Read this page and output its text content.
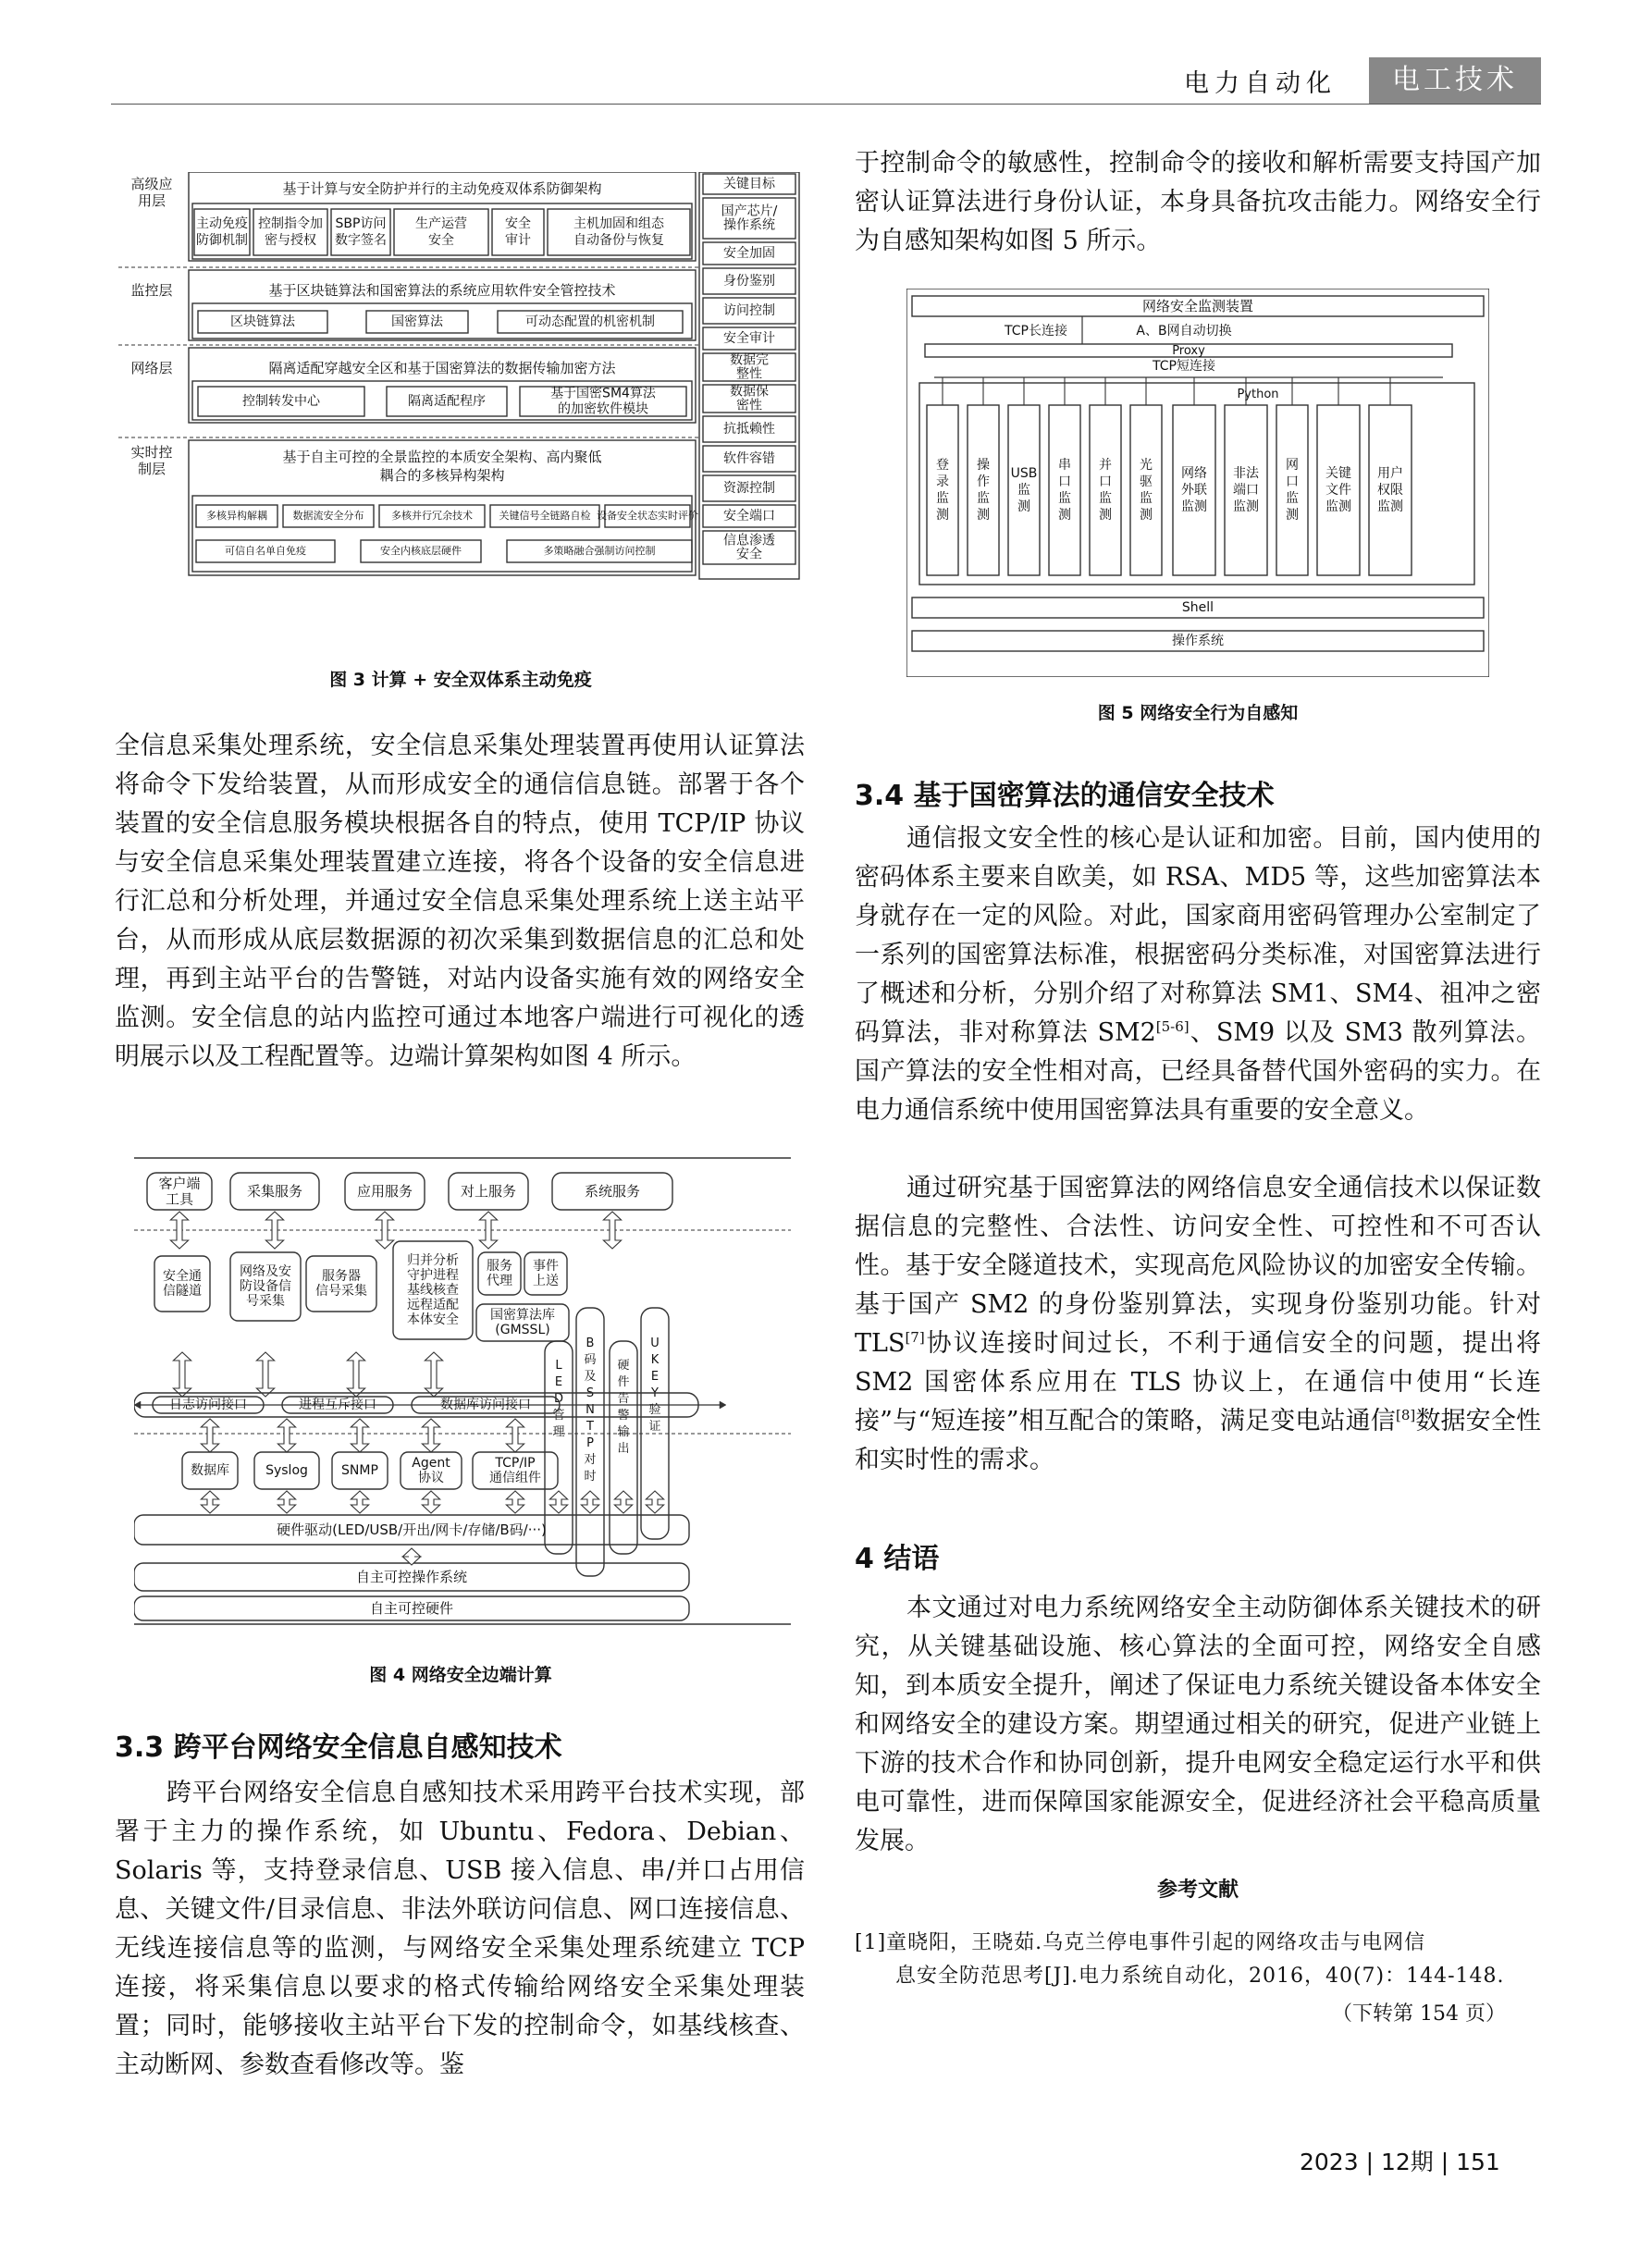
电力自动化	电工技术
高级应用层
监控层
网络层
实时控制层
基于计算与安全防护并行的主动免疫双体系防御架构
主动免疫防御机制
控制指令加密与授权
SBP访问数字签名
生产运营安全
安全审计
主机加固和组态自动备份与恢复
基于区块链算法和国密算法的系统应用软件安全管控技术
区块链算法	国密算法	可动态配置的机密机制
隔离适配穿越安全区和基于国密算法的数据传输加密方法
控制转发中心	隔离适配程序
基于国密SM4算法的加密软件模块
基于自主可控的全景监控的本质安全架构、高内聚低耦合的多核异构架构
多核异构解耦	数据流安全分布	多核并行冗余技术	关键信号全链路自检 设备安全状态实时评价
可信自名单自免疫	安全内核底层硬件	多策略融合强制访问控制
关键目标
国产芯片/操作系统
安全加固
身份鉴别
访问控制
安全审计
数据完整性
数据保密性
抗抵赖性
软件容错
资源控制
安全端口
信息渗透安全
图 3 计算 + 安全双体系主动免疫

全信息采集处理系统，安全信息采集处理装置再使用认证算法将命令下发给装置，从而形成安全的通信信息链。部署于各个装置的安全信息服务模块根据各自的特点，使用 TCP/IP 协议与安全信息采集处理装置建立连接，将各个设备的安全信息进行汇总和分析处理，并通过安全信息采集处理系统上送主站平台，从而形成从底层数据源的初次采集到数据信息的汇总和处理，再到主站平台的告警链，对站内设备实施有效的网络安全监测。安全信息的站内监控可通过本地客户端进行可视化的透明展示以及工程配置等。边端计算架构如图 4 所示。

客户端工具	采集服务	应用服务	对上服务	系统服务
安全通信隧道
网络及安防设备信号采集
服务器信号采集
归并分析守护进程基线核查远程适配本体安全
服务代理
事件上送
国密算法库(GMSSL)
L E D 管理
B 码及 S N T P 对时
硬件告警输出
U K E Y 验证
日志访问接口	进程互斥接口	数据库访问接口
数据库	Syslog	SNMP	Agent 协议
TCP/IP 通信组件
硬件驱动(LED/USB/开出/网卡/存储/B码/···)
自主可控操作系统
自主可控硬件
图 4 网络安全边端计算
3.3 跨平台网络安全信息自感知技术

跨平台网络安全信息自感知技术采用跨平台技术实现，部署于主力的操作系统，如 Ubuntu、Fedora、Debian、Solaris 等，支持登录信息、USB 接入信息、串/并口占用信息、关键文件/目录信息、非法外联访问信息、网口连接信息、无线连接信息等的监测，与网络安全采集处理系统建立 TCP 连接，将采集信息以要求的格式传输给网络安全采集处理装置；同时，能够接收主站平台下发的控制命令，如基线核查、主动断网、参数查看修改等。鉴

于控制命令的敏感性，控制命令的接收和解析需要支持国产加密认证算法进行身份认证，本身具备抗攻击能力。网络安全行为自感知架构如图 5 所示。

网络安全监测装置
TCP长连接	A、B网自动切换
Proxy
TCP短连接
Python
登录监测
操作监测
USB 监测
串口监测
并口监测
光驱监测
网络外联监测
非法端口监测
网口监测
关键文件监测
用户权限监测
Shell
操作系统
图 5 网络安全行为自感知
3.4 基于国密算法的通信安全技术

通信报文安全性的核心是认证和加密。目前，国内使用的密码体系主要来自欧美，如 RSA、MD5 等，这些加密算法本身就存在一定的风险。对此，国家商用密码管理办公室制定了一系列的国密算法标准，根据密码分类标准，对国密算法进行了概述和分析，分别介绍了对称算法 SM1、SM4、祖冲之密码算法，非对称算法 SM2[5-6]、SM9 以及 SM3 散列算法。国产算法的安全性相对高，已经具备替代国外密码的实力。在电力通信系统中使用国密算法具有重要的安全意义。

通过研究基于国密算法的网络信息安全通信技术以保证数据信息的完整性、合法性、访问安全性、可控性和不可否认性。基于安全隧道技术，实现高危风险协议的加密安全传输。基于国产 SM2 的身份鉴别算法，实现身份鉴别功能。针对 TLS[7]协议连接时间过长，不利于通信安全的问题，提出将 SM2 国密体系应用在 TLS 协议上，在通信中使用“长连接”与“短连接”相互配合的策略，满足变电站通信[8]数据安全性和实时性的需求。

4 结语

本文通过对电力系统网络安全主动防御体系关键技术的研究，从关键基础设施、核心算法的全面可控，网络安全自感知，到本质安全提升，阐述了保证电力系统关键设备本体安全和网络安全的建设方案。期望通过相关的研究，促进产业链上下游的技术合作和协同创新，提升电网安全稳定运行水平和供电可靠性，进而保障国家能源安全，促进经济社会平稳高质量发展。

参考文献
[1]童晓阳，王晓茹.乌克兰停电事件引起的网络攻击与电网信
息安全防范思考[J].电力系统自动化，2016，40(7)：144-148.
（下转第 154 页）
2023 | 12期 | 151
